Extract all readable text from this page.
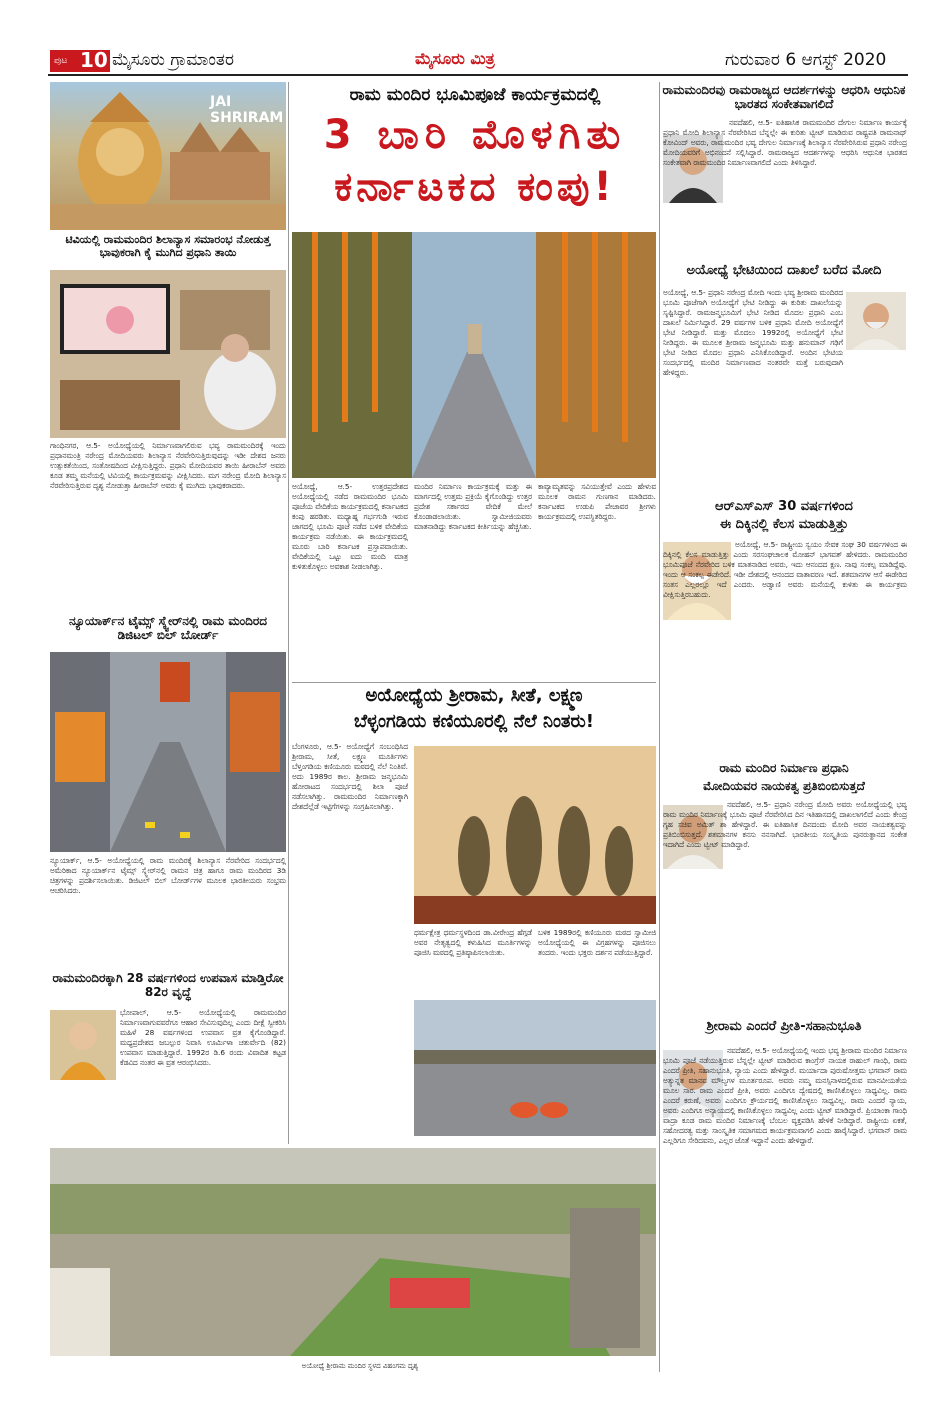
ಪುಟ 10 ಮೈಸೂರು ಗ್ರಾಮಾಂತರ	ಮೈಸೂರು ಮಿತ್ರ	ಗುರುವಾರ 6 ಆಗಸ್ಟ್ 2020
ರಾಮ ಮಂದಿರ ಭೂಮಿಪೂಜೆ ಕಾರ್ಯಕ್ರಮದಲ್ಲಿ
3 ಬಾರಿ ಮೊಳಗಿತು
ಕರ್ನಾಟಕದ ಕಂಪು!
JAI SHRIRAM
ಟಿವಿಯಲ್ಲಿ ರಾಮಮಂದಿರ ಶಿಲಾನ್ಯಾಸ ಸಮಾರಂಭ ನೋಡುತ್ತ ಭಾವುಕರಾಗಿ ಕೈ ಮುಗಿದ ಪ್ರಧಾನಿ ತಾಯಿ
ಗಾಂಧಿನಗರ, ಆ.5- ಅಯೋಧ್ಯೆಯಲ್ಲಿ ನಿರ್ಮಾಣವಾಗಲಿರುವ ಭವ್ಯ ರಾಮಮಂದಿರಕ್ಕೆ ಇಂದು ಪ್ರಧಾನಮಂತ್ರಿ ನರೇಂದ್ರ ಮೋದಿಯವರು ಶಿಲಾನ್ಯಾಸ ನೆರವೇರಿಸುತ್ತಿರುವುದನ್ನು ಇಡೀ ದೇಶದ ಜನರು ಉತ್ಸುಕತೆಯಿಂದ, ಸಂತೋಷದಿಂದ ವೀಕ್ಷಿಸುತ್ತಿದ್ದರು. ಪ್ರಧಾನಿ ಮೋದಿಯವರ ತಾಯಿ ಹೀರಾಬೆನ್ ಅವರು ಕೂಡ ತಮ್ಮ ಮನೆಯಲ್ಲಿ ಟಿವಿಯಲ್ಲಿ ಕಾರ್ಯಕ್ರಮವನ್ನು ವೀಕ್ಷಿಸಿದರು. ಮಗ ನರೇಂದ್ರ ಮೋದಿ ಶಿಲಾನ್ಯಾಸ ನೆರವೇರಿಸುತ್ತಿರುವ ದೃಶ್ಯ ನೋಡುತ್ತಾ ಹೀರಾಬೆನ್ ಅವರು ಕೈ ಮುಗಿದು ಭಾವುಕರಾದರು.
ನ್ಯೂಯಾರ್ಕ್‌ನ ಟೈಮ್ಸ್ ಸ್ಕ್ವೇರ್‌ನಲ್ಲಿ ರಾಮ ಮಂದಿರದ ಡಿಜಿಟಲ್ ಬಿಲ್ ಬೋರ್ಡ್
ನ್ಯೂಯಾರ್ಕ್, ಆ.5- ಅಯೋಧ್ಯೆಯಲ್ಲಿ ರಾಮ ಮಂದಿರಕ್ಕೆ ಶಿಲಾನ್ಯಾಸ ನೆರವೇರಿದ ಸಂದರ್ಭದಲ್ಲಿ ಅಮೆರಿಕಾದ ನ್ಯೂಯಾರ್ಕ್‌ನ ಟೈಮ್ಸ್ ಸ್ಕ್ವೇರ್‌ನಲ್ಲಿ ರಾಮನ ಚಿತ್ರ ಹಾಗೂ ರಾಮ ಮಂದಿರದ 3ಡಿ ಚಿತ್ರಗಳನ್ನು ಪ್ರದರ್ಶಿಸಲಾಯಿತು. ಡಿಜಿಟಲ್ ಬಿಲ್ ಬೋರ್ಡ್‌ಗಳ ಮೂಲಕ ಭಾರತೀಯರು ಸಂಭ್ರಮ ಆಚರಿಸಿದರು.
ರಾಮಮಂದಿರಕ್ಕಾಗಿ 28 ವರ್ಷಗಳಿಂದ ಉಪವಾಸ ಮಾಡ್ತಿರೋ 82ರ ವೃದ್ಧೆ
ಭೋಪಾಲ್, ಆ.5- ಅಯೋಧ್ಯೆಯಲ್ಲಿ ರಾಮಮಂದಿರ ನಿರ್ಮಾಣವಾಗುವವರೆಗೂ ಆಹಾರ ಸೇವಿಸುವುದಿಲ್ಲ ಎಂದು ದೀಕ್ಷೆ ಸ್ವೀಕರಿಸಿ ಮಹಿಳೆ 28 ವರ್ಷಗಳಿಂದ ಉಪವಾಸ ವ್ರತ ಕೈಗೊಂಡಿದ್ದಾರೆ. ಮಧ್ಯಪ್ರದೇಶದ ಜಬಲ್ಪುರ ನಿವಾಸಿ ಊರ್ಮಿಳಾ ಚತುರ್ವೇದಿ (82) ಉಪವಾಸ ಮಾಡುತ್ತಿದ್ದಾರೆ. 1992ರ ಡಿ.6 ರಂದು ವಿವಾದಿತ ಕಟ್ಟಡ ಕೆಡವಿದ ನಂತರ ಈ ವ್ರತ ಆರಂಭಿಸಿದರು.
ಅಯೋಧ್ಯೆ, ಆ.5- ಉತ್ತರಪ್ರದೇಶದ ಅಯೋಧ್ಯೆಯಲ್ಲಿ ನಡೆದ ರಾಮಮಂದಿರ ಭೂಮಿ ಪೂಜೆಯ ವೇದಿಕೆಯ ಕಾರ್ಯಕ್ರಮದಲ್ಲಿ ಕರ್ನಾಟಕದ ಕಂಪು ಹರಡಿತು. ಮಧ್ಯಾಹ್ನ ಗರ್ಭಗುಡಿ ಇರುವ ಜಾಗದಲ್ಲಿ ಭೂಮಿ ಪೂಜೆ ನಡೆದ ಬಳಿಕ ವೇದಿಕೆಯ ಕಾರ್ಯಕ್ರಮ ನಡೆಯಿತು. ಈ ಕಾರ್ಯಕ್ರಮದಲ್ಲಿ ಮೂರು ಬಾರಿ ಕರ್ನಾಟಕ ಪ್ರಸ್ತಾಪವಾಯಿತು. ವೇದಿಕೆಯಲ್ಲಿ ಒಟ್ಟು ಐದು ಮಂದಿ ಮಾತ್ರ ಕುಳಿತುಕೊಳ್ಳಲು ಅವಕಾಶ ನೀಡಲಾಗಿತ್ತು.
ಮಂದಿರ ನಿರ್ಮಾಣ ಕಾರ್ಯಕ್ರಮಕ್ಕೆ ಮತ್ತು ಈ ಮಾರ್ಗದಲ್ಲಿ ಉತ್ತಮ ಪ್ರಕ್ರಿಯೆ ಕೈಗೊಂಡಿದ್ದು ಉತ್ತರ ಪ್ರದೇಶ ಸರ್ಕಾರದ ವೇದಿಕೆ ಮೇಲೆ ಕೊಂಡಾಡಲಾಯಿತು. ಸ್ವಾಮೀಜಿಯವರು ಮಾತನಾಡಿದ್ದು ಕರ್ನಾಟಕದ ಕೀರ್ತಿಯನ್ನು ಹೆಚ್ಚಿಸಿತು.
ಕಾವ್ಯಾಮೃತವನ್ನು ಸವಿಯುತ್ತೇವೆ ಎಂದು ಹೇಳುವ ಮೂಲಕ ರಾಮನ ಗುಣಗಾನ ಮಾಡಿದರು. ಕರ್ನಾಟಕದ ಉಡುಪಿ ಪೇಜಾವರ ಶ್ರೀಗಳು ಕಾರ್ಯಕ್ರಮದಲ್ಲಿ ಉಪಸ್ಥಿತರಿದ್ದರು.
ಅಯೋಧ್ಯೆಯ ಶ್ರೀರಾಮ, ಸೀತೆ, ಲಕ್ಷ್ಮಣ
ಬೆಳ್ಳಂಗಡಿಯ ಕಣಿಯೂರಲ್ಲಿ ನೆಲೆ ನಿಂತರು!
ಬೆಂಗಳೂರು, ಆ.5- ಅಯೋಧ್ಯೆಗೆ ಸಂಬಂಧಿಸಿದ ಶ್ರೀರಾಮ, ಸೀತೆ, ಲಕ್ಷ್ಮಣ ಮೂರ್ತಿಗಳು ಬೆಳ್ತಂಗಡಿಯ ಕಣಿಯೂರು ಮಠದಲ್ಲಿ ನೆಲೆ ನಿಂತಿವೆ. ಅದು 1989ರ ಕಾಲ. ಶ್ರೀರಾಮ ಜನ್ಮಭೂಮಿ ಹೋರಾಟದ ಸಂದರ್ಭದಲ್ಲಿ ಶಿಲಾ ಪೂಜೆ ನಡೆಸಲಾಗಿತ್ತು. ರಾಮಮಂದಿರ ನಿರ್ಮಾಣಕ್ಕಾಗಿ ದೇಶದೆಲ್ಲೆಡೆ ಇಟ್ಟಿಗೆಗಳನ್ನು ಸಂಗ್ರಹಿಸಲಾಗಿತ್ತು.
ಧರ್ಮಕ್ಷೇತ್ರ ಧರ್ಮಸ್ಥಳದಿಂದ ಡಾ.ವೀರೇಂದ್ರ ಹೆಗ್ಗಡೆ ಅವರ ನೇತೃತ್ವದಲ್ಲಿ ಕಳುಹಿಸಿದ ಮೂರ್ತಿಗಳನ್ನು ಪೂಜಿಸಿ ಮಠದಲ್ಲಿ ಪ್ರತಿಷ್ಠಾಪಿಸಲಾಯಿತು.
ಬಳಿಕ 1989ರಲ್ಲಿ ಕಣಿಯೂರು ಮಠದ ಸ್ವಾಮೀಜಿ ಅಯೋಧ್ಯೆಯಲ್ಲಿ ಈ ವಿಗ್ರಹಗಳನ್ನು ಪೂಜಿಸಲು ತಂದರು. ಇಂದು ಭಕ್ತರು ದರ್ಶನ ಪಡೆಯುತ್ತಿದ್ದಾರೆ.
ಅಯೋಧ್ಯೆ ಶ್ರೀರಾಮ ಮಂದಿರ ಸ್ಥಳದ ವಿಹಂಗಮ ದೃಶ್ಯ
ರಾಮಮಂದಿರವು ರಾಮರಾಜ್ಯದ ಆದರ್ಶಗಳನ್ನು ಆಧರಿಸಿ ಆಧುನಿಕ ಭಾರತದ ಸಂಕೇತವಾಗಲಿದೆ
ನವದೆಹಲಿ, ಆ.5- ಐತಿಹಾಸಿಕ ರಾಮಮಂದಿರ ದೇಗುಲ ನಿರ್ಮಾಣ ಕಾರ್ಯಕ್ಕೆ ಪ್ರಧಾನಿ ಮೋದಿ ಶಿಲಾನ್ಯಾಸ ನೆರವೇರಿಸಿದ ಬೆನ್ನಲ್ಲೇ ಈ ಕುರಿತು ಟ್ವೀಟ್ ಮಾಡಿರುವ ರಾಷ್ಟ್ರಪತಿ ರಾಮನಾಥ್ ಕೋವಿಂದ್ ಅವರು, ರಾಮಮಂದಿರ ಭವ್ಯ ದೇಗುಲ ನಿರ್ಮಾಣಕ್ಕೆ ಶಿಲಾನ್ಯಾಸ ನೆರವೇರಿಸಿರುವ ಪ್ರಧಾನಿ ನರೇಂದ್ರ ಮೋದಿಯವರಿಗೆ ಅಭಿನಂದನೆ ಸಲ್ಲಿಸಿದ್ದಾರೆ. ರಾಮರಾಜ್ಯದ ಆದರ್ಶಗಳನ್ನು ಆಧರಿಸಿ ಆಧುನಿಕ ಭಾರತದ ಸಂಕೇತವಾಗಿ ರಾಮಮಂದಿರ ನಿರ್ಮಾಣವಾಗಲಿದೆ ಎಂದು ತಿಳಿಸಿದ್ದಾರೆ.
ಅಯೋಧ್ಯೆ ಭೇಟಿಯಿಂದ ದಾಖಲೆ ಬರೆದ ಮೋದಿ
ಅಯೋಧ್ಯೆ, ಆ.5- ಪ್ರಧಾನಿ ನರೇಂದ್ರ ಮೋದಿ ಇಂದು ಭವ್ಯ ಶ್ರೀರಾಮ ಮಂದಿರದ ಭೂಮಿ ಪೂಜೆಗಾಗಿ ಅಯೋಧ್ಯೆಗೆ ಭೇಟಿ ನೀಡಿದ್ದು ಈ ಕುರಿತು ದಾಖಲೆಯನ್ನು ಸೃಷ್ಟಿಸಿದ್ದಾರೆ. ರಾಮಜನ್ಮಭೂಮಿಗೆ ಭೇಟಿ ನೀಡಿದ ಮೊದಲ ಪ್ರಧಾನಿ ಎಂಬ ದಾಖಲೆ ನಿರ್ಮಿಸಿದ್ದಾರೆ. 29 ವರ್ಷಗಳ ಬಳಿಕ ಪ್ರಧಾನಿ ಮೋದಿ ಅಯೋಧ್ಯೆಗೆ ಭೇಟಿ ನೀಡಿದ್ದಾರೆ. ಮತ್ತು ಮೊದಲು 1992ರಲ್ಲಿ ಅಯೋಧ್ಯೆಗೆ ಭೇಟಿ ನೀಡಿದ್ದರು. ಈ ಮೂಲಕ ಶ್ರೀರಾಮ ಜನ್ಮಭೂಮಿ ಮತ್ತು ಹನುಮಾನ್ ಗಢಿಗೆ ಭೇಟಿ ನೀಡಿದ ಮೊದಲ ಪ್ರಧಾನಿ ಎನಿಸಿಕೊಂಡಿದ್ದಾರೆ. ಅಂದಿನ ಭೇಟಿಯ ಸಂದರ್ಭದಲ್ಲಿ ಮಂದಿರ ನಿರ್ಮಾಣವಾದ ನಂತರವೇ ಮತ್ತೆ ಬರುವುದಾಗಿ ಹೇಳಿದ್ದರು.
ಆರ್‌ಎಸ್‌ಎಸ್ 30 ವರ್ಷಗಳಿಂದ
ಈ ದಿಕ್ಕಿನಲ್ಲಿ ಕೆಲಸ ಮಾಡುತ್ತಿತ್ತು
ಅಯೋಧ್ಯೆ, ಆ.5- ರಾಷ್ಟ್ರೀಯ ಸ್ವಯಂ ಸೇವಕ ಸಂಘ 30 ವರ್ಷಗಳಿಂದ ಈ ದಿಕ್ಕಿನಲ್ಲಿ ಕೆಲಸ ಮಾಡುತ್ತಿತ್ತು ಎಂದು ಸರಸಂಘಚಾಲಕ ಮೋಹನ್ ಭಾಗವತ್ ಹೇಳಿದರು. ರಾಮಮಂದಿರ ಭೂಮಿಪೂಜೆ ನೆರವೇರಿದ ಬಳಿಕ ಮಾತನಾಡಿದ ಅವರು, ಇದು ಆನಂದದ ಕ್ಷಣ. ನಾವು ಸಂಕಲ್ಪ ಮಾಡಿದ್ದೆವು. ಇಂದು ಆ ಸಂಕಲ್ಪ ಈಡೇರಿದೆ. ಇಡೀ ದೇಶದಲ್ಲಿ ಆನಂದದ ವಾತಾವರಣ ಇದೆ. ಶತಮಾನಗಳ ಆಸೆ ಈಡೇರಿದ ಸಂತಸ ಎಲ್ಲರಲ್ಲೂ ಇದೆ ಎಂದರು. ಅಡ್ವಾಣಿ ಅವರು ಮನೆಯಲ್ಲಿ ಕುಳಿತು ಈ ಕಾರ್ಯಕ್ರಮ ವೀಕ್ಷಿಸುತ್ತಿರಬಹುದು.
ರಾಮ ಮಂದಿರ ನಿರ್ಮಾಣ ಪ್ರಧಾನಿ
ಮೋದಿಯವರ ನಾಯಕತ್ವ ಪ್ರತಿಬಿಂಬಿಸುತ್ತದೆ
ನವದೆಹಲಿ, ಆ.5- ಪ್ರಧಾನಿ ನರೇಂದ್ರ ಮೋದಿ ಅವರು ಅಯೋಧ್ಯೆಯಲ್ಲಿ ಭವ್ಯ ರಾಮ ಮಂದಿರ ನಿರ್ಮಾಣಕ್ಕೆ ಭೂಮಿ ಪೂಜೆ ನೆರವೇರಿಸಿದ ದಿನ ಇತಿಹಾಸದಲ್ಲಿ ದಾಖಲಾಗಲಿದೆ ಎಂದು ಕೇಂದ್ರ ಗೃಹ ಸಚಿವ ಅಮಿತ್ ಶಾ ಹೇಳಿದ್ದಾರೆ. ಈ ಐತಿಹಾಸಿಕ ದಿನದಂದು ಮೋದಿ ಅವರ ನಾಯಕತ್ವವನ್ನು ಪ್ರತಿಬಿಂಬಿಸುತ್ತದೆ. ಶತಮಾನಗಳ ಕನಸು ನನಸಾಗಿದೆ. ಭಾರತೀಯ ಸಂಸ್ಕೃತಿಯ ಪುನರುತ್ಥಾನದ ಸಂಕೇತ ಇದಾಗಿದೆ ಎಂದು ಟ್ವೀಟ್ ಮಾಡಿದ್ದಾರೆ.
ಶ್ರೀರಾಮ ಎಂದರೆ ಪ್ರೀತಿ-ಸಹಾನುಭೂತಿ
ನವದೆಹಲಿ, ಆ.5- ಅಯೋಧ್ಯೆಯಲ್ಲಿ ಇಂದು ಭವ್ಯ ಶ್ರೀರಾಮ ಮಂದಿರ ನಿರ್ಮಾಣ ಭೂಮಿ ಪೂಜೆ ನಡೆಯುತ್ತಿರುವ ಬೆನ್ನಲ್ಲೇ ಟ್ವೀಟ್ ಮಾಡಿರುವ ಕಾಂಗ್ರೆಸ್ ನಾಯಕ ರಾಹುಲ್ ಗಾಂಧಿ, ರಾಮ ಎಂದರೆ ಪ್ರೀತಿ, ಸಹಾನುಭೂತಿ, ನ್ಯಾಯ ಎಂದು ಹೇಳಿದ್ದಾರೆ. ಮರ್ಯಾದಾ ಪುರುಷೋತ್ತಮ ಭಗವಾನ್ ರಾಮ ಅತ್ಯುನ್ನತ ಮಾನವ ಮೌಲ್ಯಗಳ ಮೂರ್ತರೂಪ. ಅವರು ನಮ್ಮ ಮನಸ್ಸಿನಾಳದಲ್ಲಿರುವ ಮಾನವೀಯತೆಯ ಮೂಲ ಸಾರ. ರಾಮ ಎಂದರೆ ಪ್ರೀತಿ, ಅವರು ಎಂದಿಗೂ ದ್ವೇಷದಲ್ಲಿ ಕಾಣಿಸಿಕೊಳ್ಳಲು ಸಾಧ್ಯವಿಲ್ಲ. ರಾಮ ಎಂದರೆ ಕರುಣೆ, ಅವರು ಎಂದಿಗೂ ಕ್ರೌರ್ಯದಲ್ಲಿ ಕಾಣಿಸಿಕೊಳ್ಳಲು ಸಾಧ್ಯವಿಲ್ಲ. ರಾಮ ಎಂದರೆ ನ್ಯಾಯ, ಅವರು ಎಂದಿಗೂ ಅನ್ಯಾಯದಲ್ಲಿ ಕಾಣಿಸಿಕೊಳ್ಳಲು ಸಾಧ್ಯವಿಲ್ಲ ಎಂದು ಟ್ವೀಟ್ ಮಾಡಿದ್ದಾರೆ. ಪ್ರಿಯಾಂಕಾ ಗಾಂಧಿ ವಾದ್ರಾ ಕೂಡ ರಾಮ ಮಂದಿರ ನಿರ್ಮಾಣಕ್ಕೆ ಬೆಂಬಲ ವ್ಯಕ್ತಪಡಿಸಿ ಹೇಳಿಕೆ ನೀಡಿದ್ದಾರೆ. ರಾಷ್ಟ್ರೀಯ ಏಕತೆ, ಸಹೋದರತ್ವ ಮತ್ತು ಸಾಂಸ್ಕೃತಿಕ ಸಮಾಗಮದ ಕಾರ್ಯಕ್ರಮವಾಗಲಿ ಎಂದು ಹಾರೈಸಿದ್ದಾರೆ. ಭಗವಾನ್ ರಾಮ ಎಲ್ಲರಿಗೂ ಸೇರಿದವನು, ಎಲ್ಲರ ಜೊತೆ ಇದ್ದಾನೆ ಎಂದು ಹೇಳಿದ್ದಾರೆ.
